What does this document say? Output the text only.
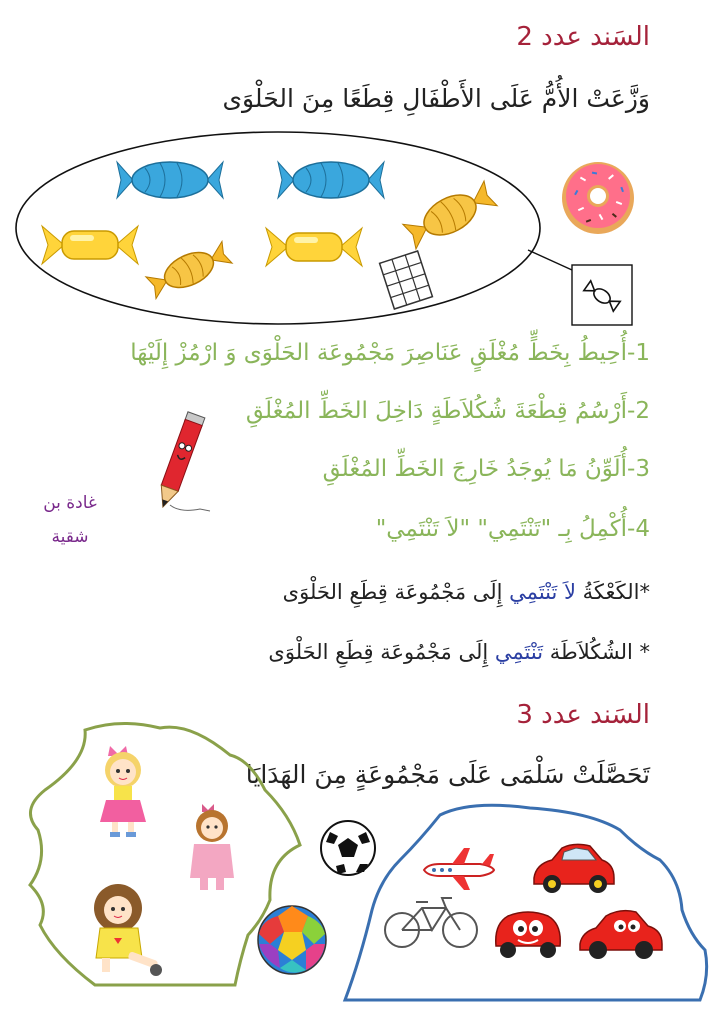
السَند عدد 2
وَزَّعَتْ الأُمُّ عَلَى الأَطْفَالِ قِطَعًا مِنَ الحَلْوَى
1-أُحِيطُ بِخَطٍّ مُغْلَقٍ عَنَاصِرَ مَجْمُوعَة الحَلْوَى وَ ارْمُزْ إِلَيْهَا
2-أَرْسُمُ قِطْعَةَ شُكُلاَطَةٍ دَاخِلَ الخَطِّ المُغْلَقِ
3-أُلَوِّنُ مَا يُوجَدُ خَارِجَ الخَطِّ المُغْلَقِ
4-أُكْمِلُ بِـ "تَنْتَمِي" "لاَ تَنْتَمِي"
غادة بن
شقية
*الكَعْكَةُ لاَ تَنْتَمِي إِلَى مَجْمُوعَة قِطَعِ الحَلْوَى
* الشُكُلاَطَة تَنْتَمِي إِلَى مَجْمُوعَة قِطَعِ الحَلْوَى
السَند عدد 3
تَحَصَّلَتْ سَلْمَى عَلَى مَجْمُوعَةٍ مِنَ الهَدَايَا
